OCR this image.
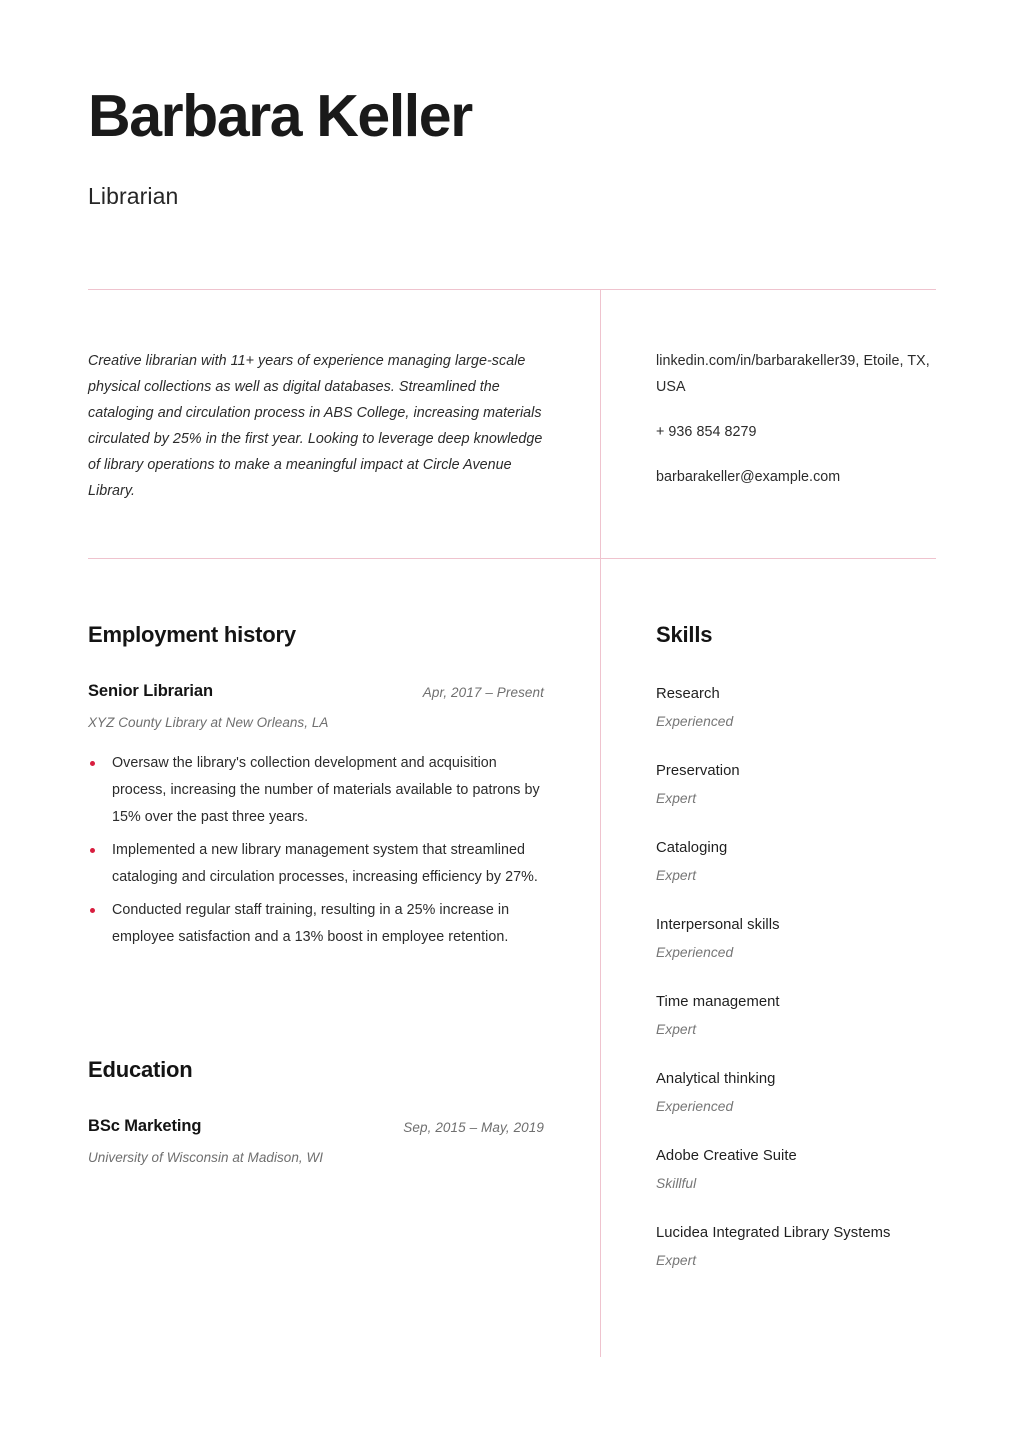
Barbara Keller

Librarian

Creative librarian with 11+ years of experience managing large-scale physical collections as well as digital databases. Streamlined the cataloging and circulation process in ABS College, increasing materials circulated by 25% in the first year. Looking to leverage deep knowledge of library operations to make a meaningful impact at Circle Avenue Library.

linkedin.com/in/barbarakeller39, Etoile, TX, USA

+ 936 854 8279

barbarakeller@example.com

Employment history
Senior Librarian	Apr, 2017 – Present

XYZ County Library at New Orleans, LA

Oversaw the library's collection development and acquisition process, increasing the number of materials available to patrons by 15% over the past three years.
Implemented a new library management system that streamlined cataloging and circulation processes, increasing efficiency by 27%.
Conducted regular staff training, resulting in a 25% increase in employee satisfaction and a 13% boost in employee retention.
Education
BSc Marketing	Sep, 2015 – May, 2019

University of Wisconsin at Madison, WI

Skills
Research
Experienced
Preservation
Expert
Cataloging
Expert
Interpersonal skills
Experienced
Time management
Expert
Analytical thinking
Experienced
Adobe Creative Suite
Skillful
Lucidea Integrated Library Systems
Expert
